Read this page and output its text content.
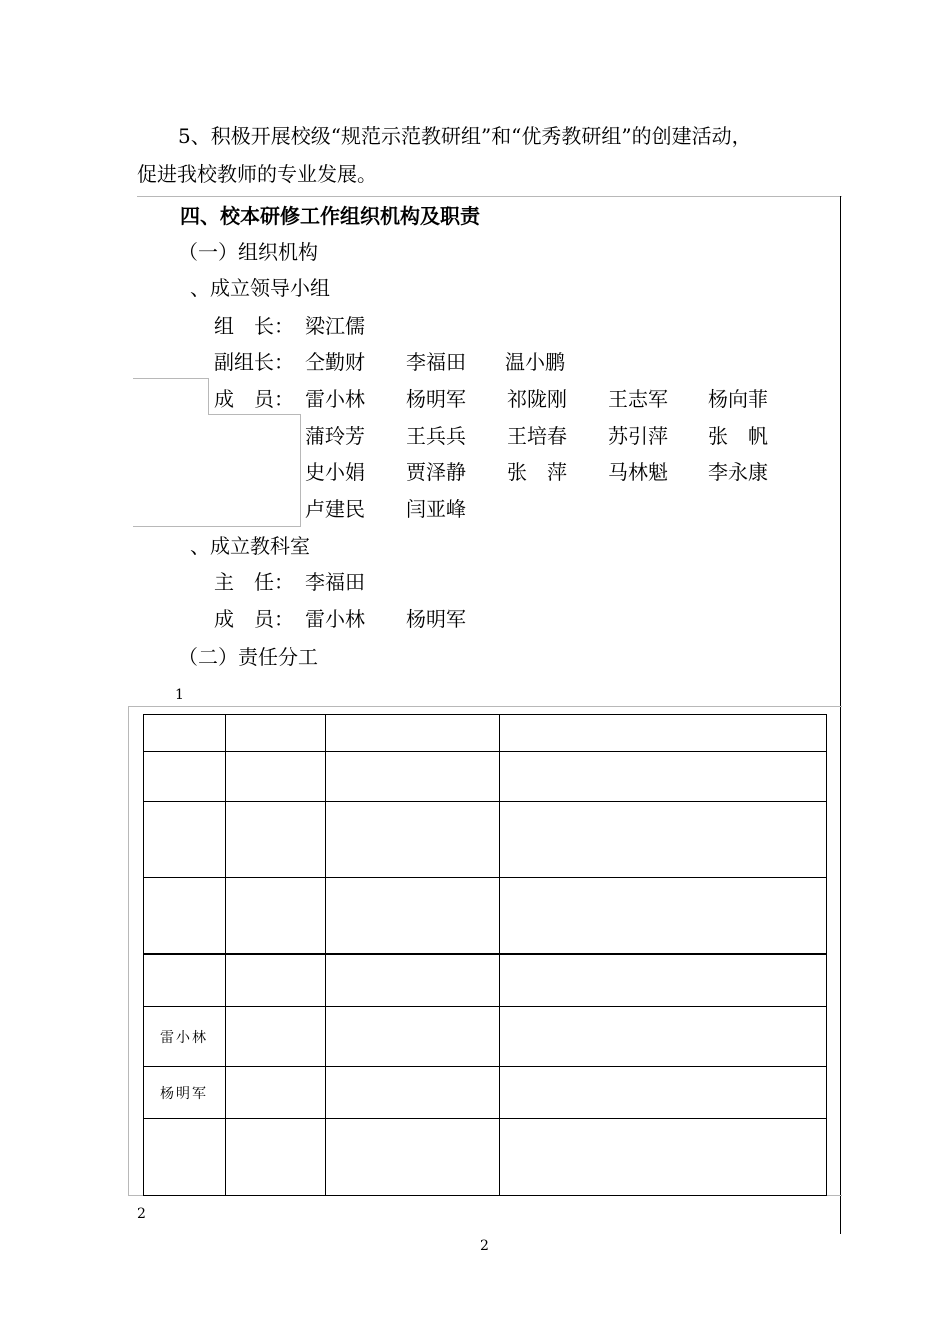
5、积极开展校级“规范示范教研组”和“优秀教研组”的创建活动，
促进我校教师的专业发展。
四、校本研修工作组织机构及职责
（一）组织机构
、成立领导小组
组　长： 梁江儒
副组长： 仝勤财 李福田 温小鹏
成　员： 雷小林 杨明军 祁陇刚 王志军 杨向菲
蒲玲芳 王兵兵 王培春 苏引萍 张　帆
史小娟 贾泽静 张　萍 马林魁 李永康
卢建民 闫亚峰
、成立教科室
主　任： 李福田
成　员： 雷小林 杨明军
（二）责任分工
1
雷小林
杨明军
2
2
